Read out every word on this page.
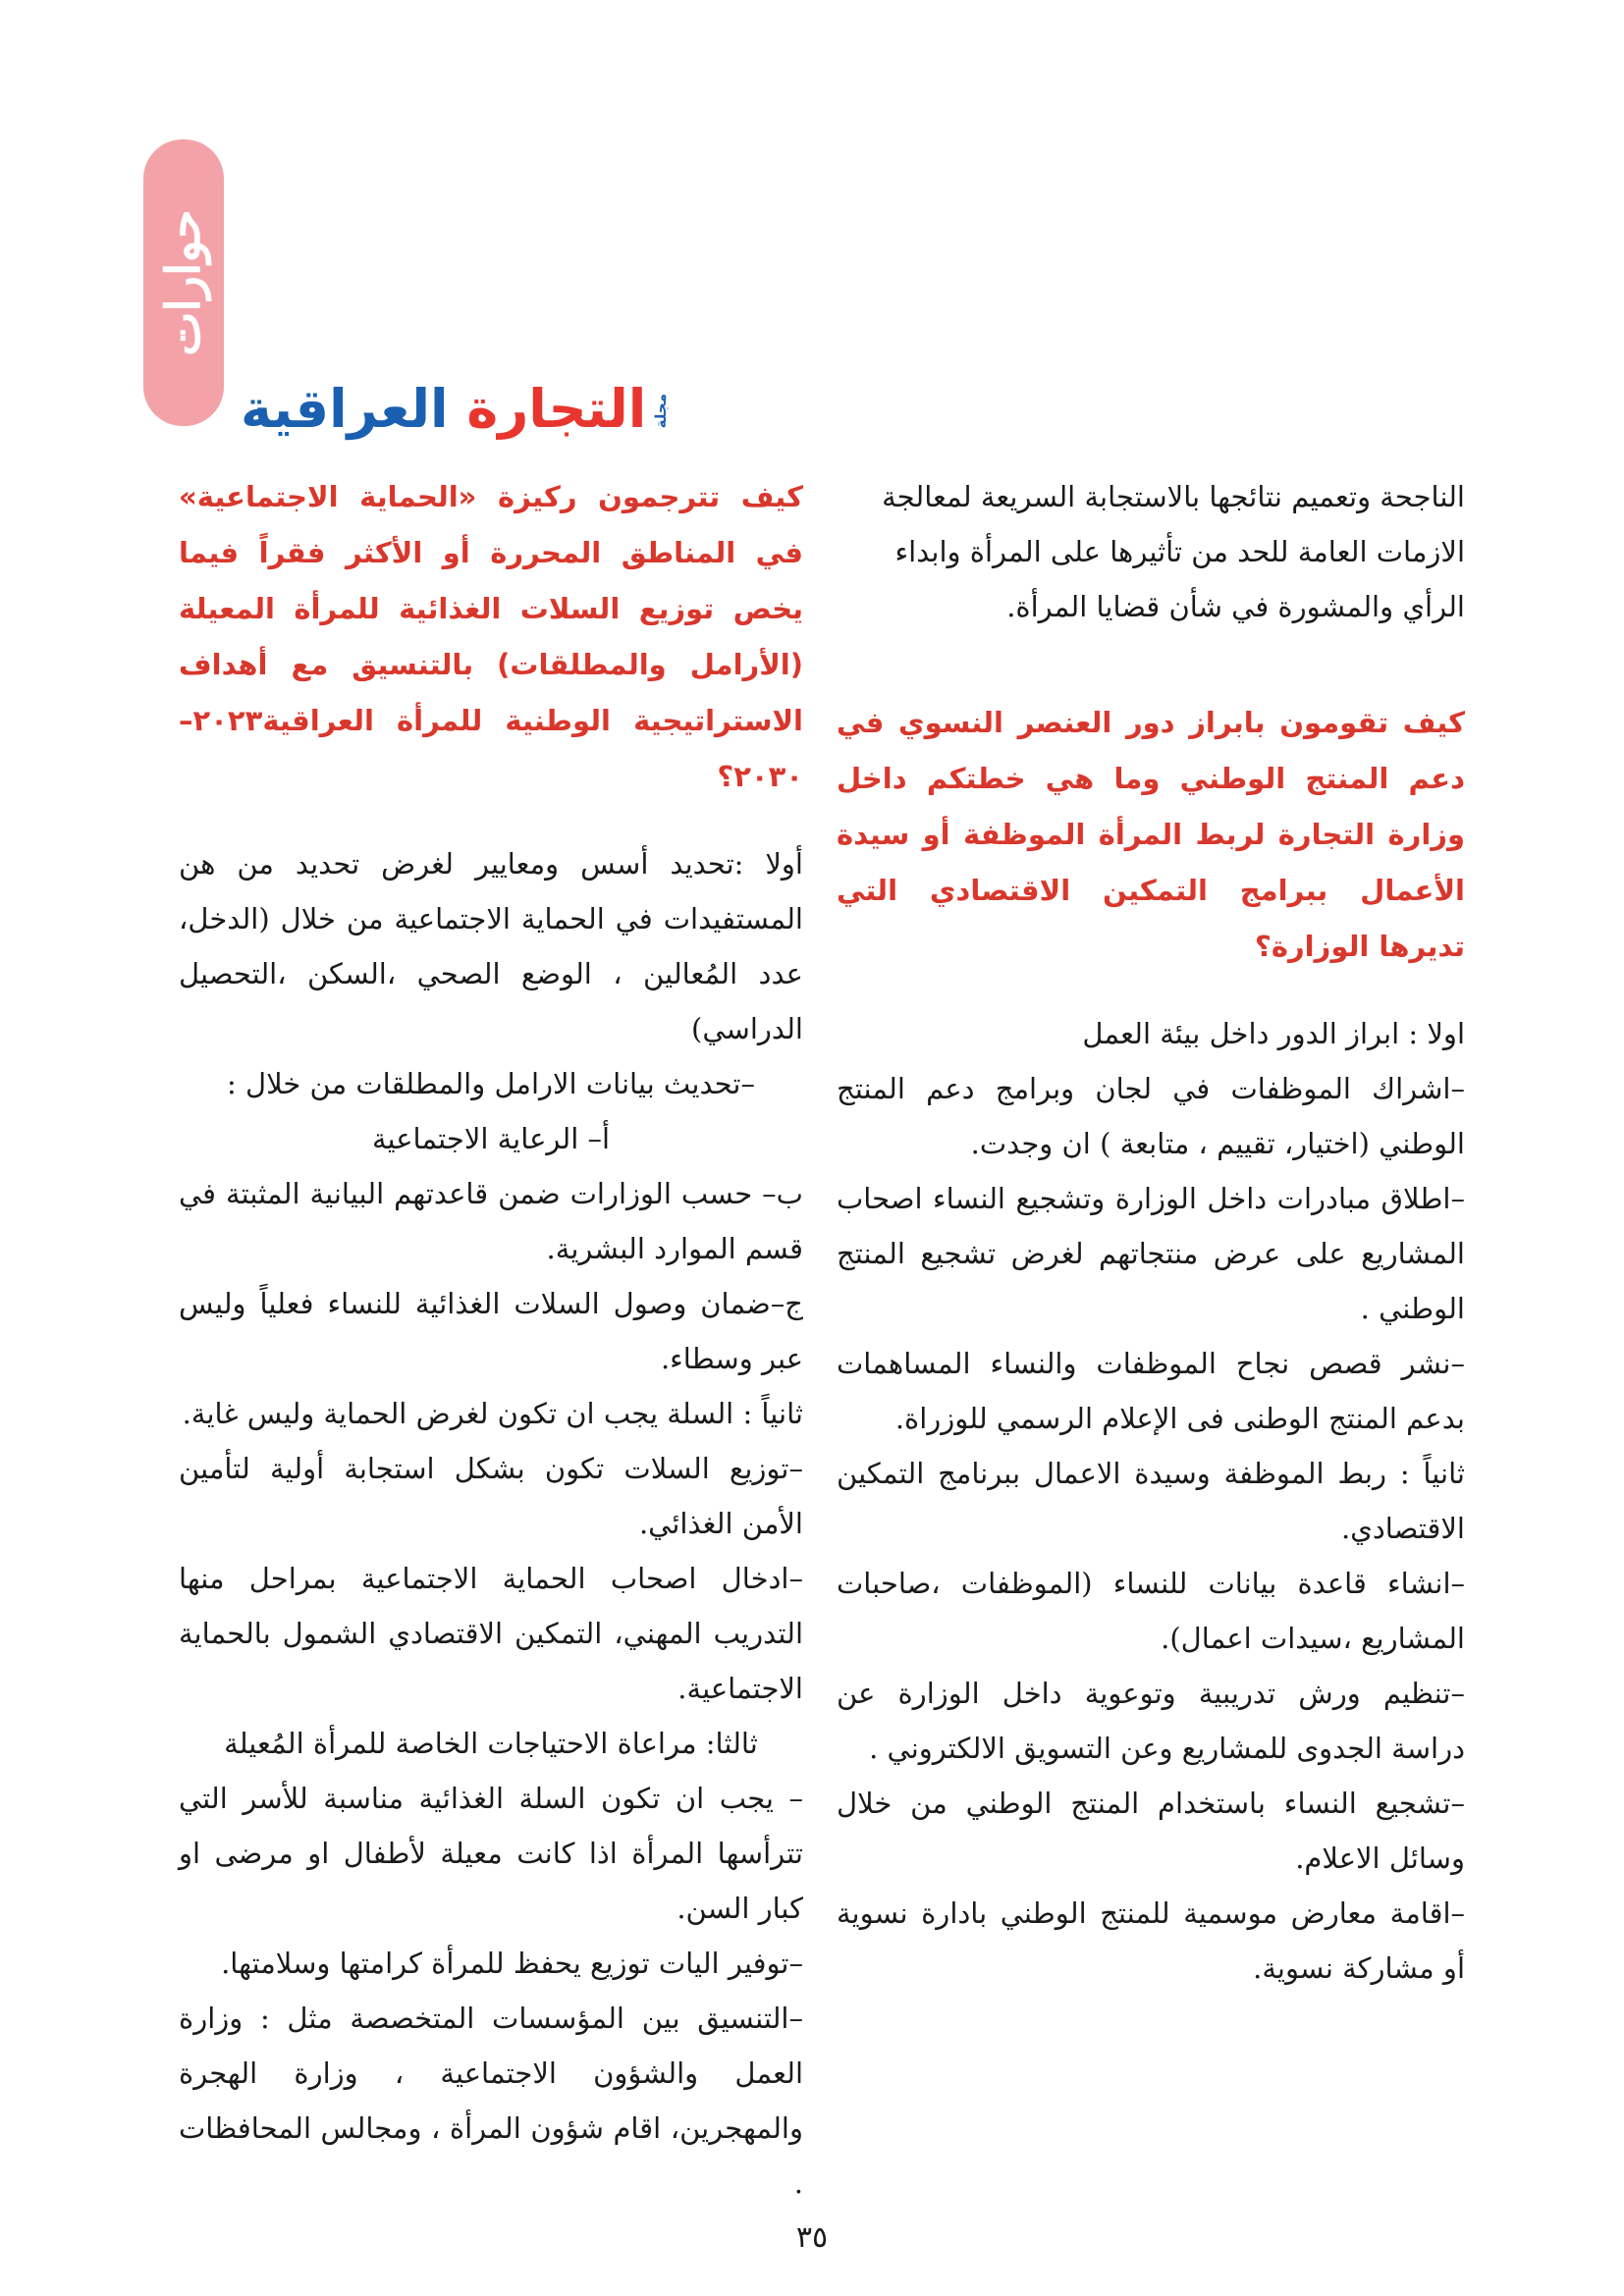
حوارات
مجلة
التجارة العراقية

الناجحة وتعميم نتائجها بالاستجابة السريعة لمعالجة

الازمات العامة للحد من تأثيرها على المرأة وابداء

الرأي والمشورة في شأن قضايا المرأة.

كيف تقومون بابراز دور العنصر النسوي في دعم المنتج الوطني وما هي خطتكم داخل وزارة التجارة لربط المرأة الموظفة أو سيدة الأعمال ببرامج التمكين الاقتصادي التي تديرها الوزارة؟

اولا : ابراز الدور داخل بيئة العمل

–اشراك الموظفات في لجان وبرامج دعم المنتج الوطني (اختيار، تقييم ، متابعة ) ان وجدت.

–اطلاق مبادرات داخل الوزارة وتشجيع النساء اصحاب المشاريع على عرض منتجاتهم لغرض تشجيع المنتج الوطني .

–نشر قصص نجاح الموظفات والنساء المساهمات بدعم المنتج الوطنى فى الإعلام الرسمي للوزراة.

ثانياً : ربط الموظفة وسيدة الاعمال ببرنامج التمكين الاقتصادي.

–انشاء قاعدة بيانات للنساء (الموظفات ،صاحبات المشاريع ،سيدات اعمال).

–تنظيم ورش تدريبية وتوعوية داخل الوزارة عن دراسة الجدوى للمشاريع وعن التسويق الالكتروني .

–تشجيع النساء باستخدام المنتج الوطني من خلال وسائل الاعلام.

–اقامة معارض موسمية للمنتج الوطني بادارة نسوية أو مشاركة نسوية.

كيف تترجمون ركيزة «الحماية الاجتماعية» في المناطق المحررة أو الأكثر فقراً فيما يخص توزيع السلات الغذائية للمرأة المعيلة (الأرامل والمطلقات) بالتنسيق مع أهداف الاستراتيجية الوطنية للمرأة العراقية٢٠٢٣–٢٠٣٠؟

أولا :تحديد أسس ومعايير لغرض تحديد من هن المستفيدات في الحماية الاجتماعية من خلال (الدخل، عدد المُعالين ، الوضع الصحي ،السكن ،التحصيل الدراسي)

–تحديث بيانات الارامل والمطلقات من خلال :

أ– الرعاية الاجتماعية

ب– حسب الوزارات ضمن قاعدتهم البيانية المثبتة في قسم الموارد البشرية.

ج–ضمان وصول السلات الغذائية للنساء فعلياً وليس عبر وسطاء.

ثانياً : السلة يجب ان تكون لغرض الحماية وليس غاية.

–توزيع السلات تكون بشكل استجابة أولية لتأمين الأمن الغذائي.

–ادخال اصحاب الحماية الاجتماعية بمراحل منها التدريب المهني، التمكين الاقتصادي الشمول بالحماية الاجتماعية.

ثالثا: مراعاة الاحتياجات الخاصة للمرأة المُعيلة

– يجب ان تكون السلة الغذائية مناسبة للأسر التي تترأسها المرأة اذا كانت معيلة لأطفال او مرضى او كبار السن.

–توفير اليات توزيع يحفظ للمرأة كرامتها وسلامتها.

–التنسيق بين المؤسسات المتخصصة مثل : وزارة العمل والشؤون الاجتماعية ، وزارة الهجرة والمهجرين، اقام شؤون المرأة ، ومجالس المحافظات .

٣٥
